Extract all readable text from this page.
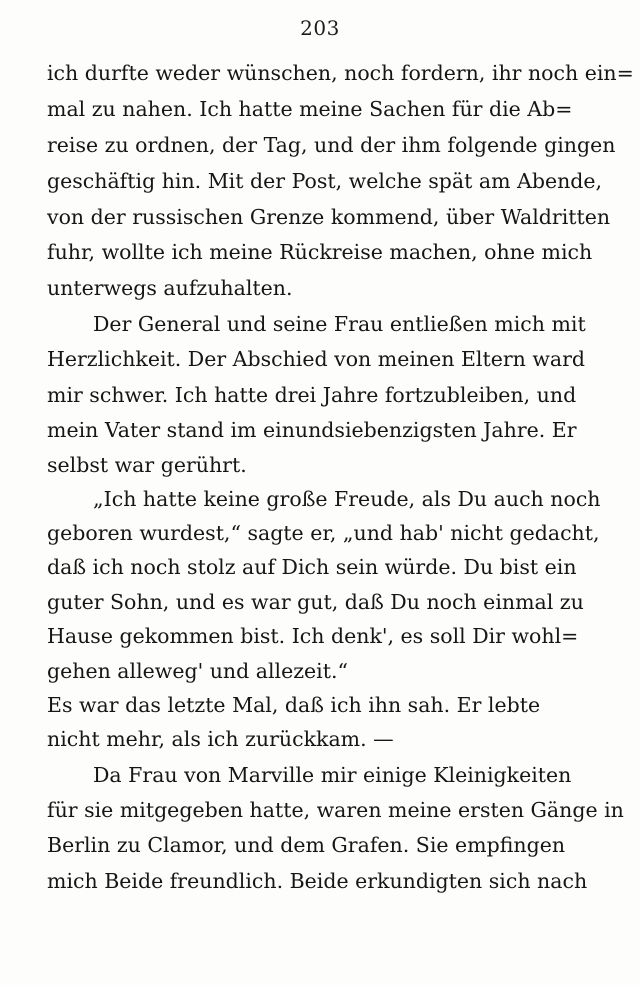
203
ich durfte weder wünschen, noch fordern, ihr noch ein=
mal zu nahen. Ich hatte meine Sachen für die Ab=
reise zu ordnen, der Tag, und der ihm folgende gingen
geschäftig hin. Mit der Post, welche spät am Abende,
von der russischen Grenze kommend, über Waldritten
fuhr, wollte ich meine Rückreise machen, ohne mich
unterwegs aufzuhalten.
Der General und seine Frau entließen mich mit
Herzlichkeit. Der Abschied von meinen Eltern ward
mir schwer. Ich hatte drei Jahre fortzubleiben, und
mein Vater stand im einundsiebenzigsten Jahre. Er
selbst war gerührt.
„Ich hatte keine große Freude, als Du auch noch
geboren wurdest,“ sagte er, „und hab' nicht gedacht,
daß ich noch stolz auf Dich sein würde. Du bist ein
guter Sohn, und es war gut, daß Du noch einmal zu
Hause gekommen bist. Ich denk', es soll Dir wohl=
gehen alleweg' und allezeit.“
Es war das letzte Mal, daß ich ihn sah. Er lebte
nicht mehr, als ich zurückkam. —
Da Frau von Marville mir einige Kleinigkeiten
für sie mitgegeben hatte, waren meine ersten Gänge in
Berlin zu Clamor, und dem Grafen. Sie empfingen
mich Beide freundlich. Beide erkundigten sich nach
